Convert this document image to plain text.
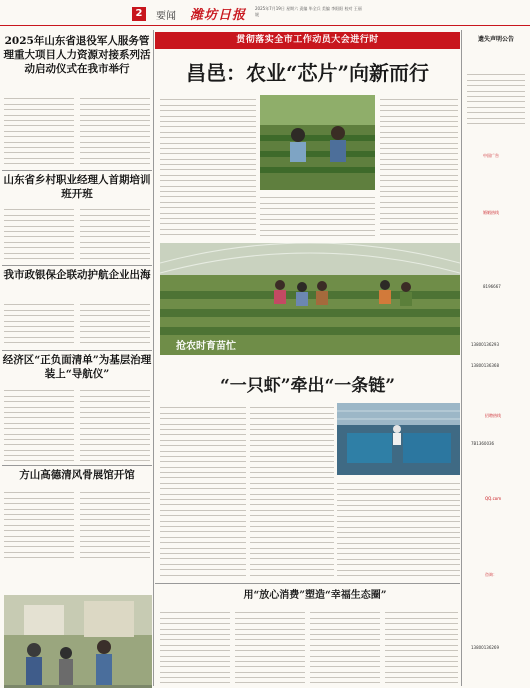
2	要闻 潍坊日报 2025年7月19日 星期六 责编 毕全兵 美编 李阳阳 校对 王丽媛
2025年山东省退役军人服务管理重大项目人力资源对接系列活动启动仪式在我市举行
山东省乡村职业经理人首期培训班开班
我市政银保企联动护航企业出海
经济区“正负面清单”为基层治理装上“导航仪”
方山高德清风骨展馆开馆
贯彻落实全市工作动员大会进行时
昌邑：农业“芯片”向新而行
抢农时育苗忙
“一只虾”牵出“一条链”
用“放心消费”塑造“幸福生态圈”
遗失声明公告
中国广告
婚姻热线
8196667
13800136293
13800136368
招聘热线
7B1360036
QQ.com
咨询：
13800136269
